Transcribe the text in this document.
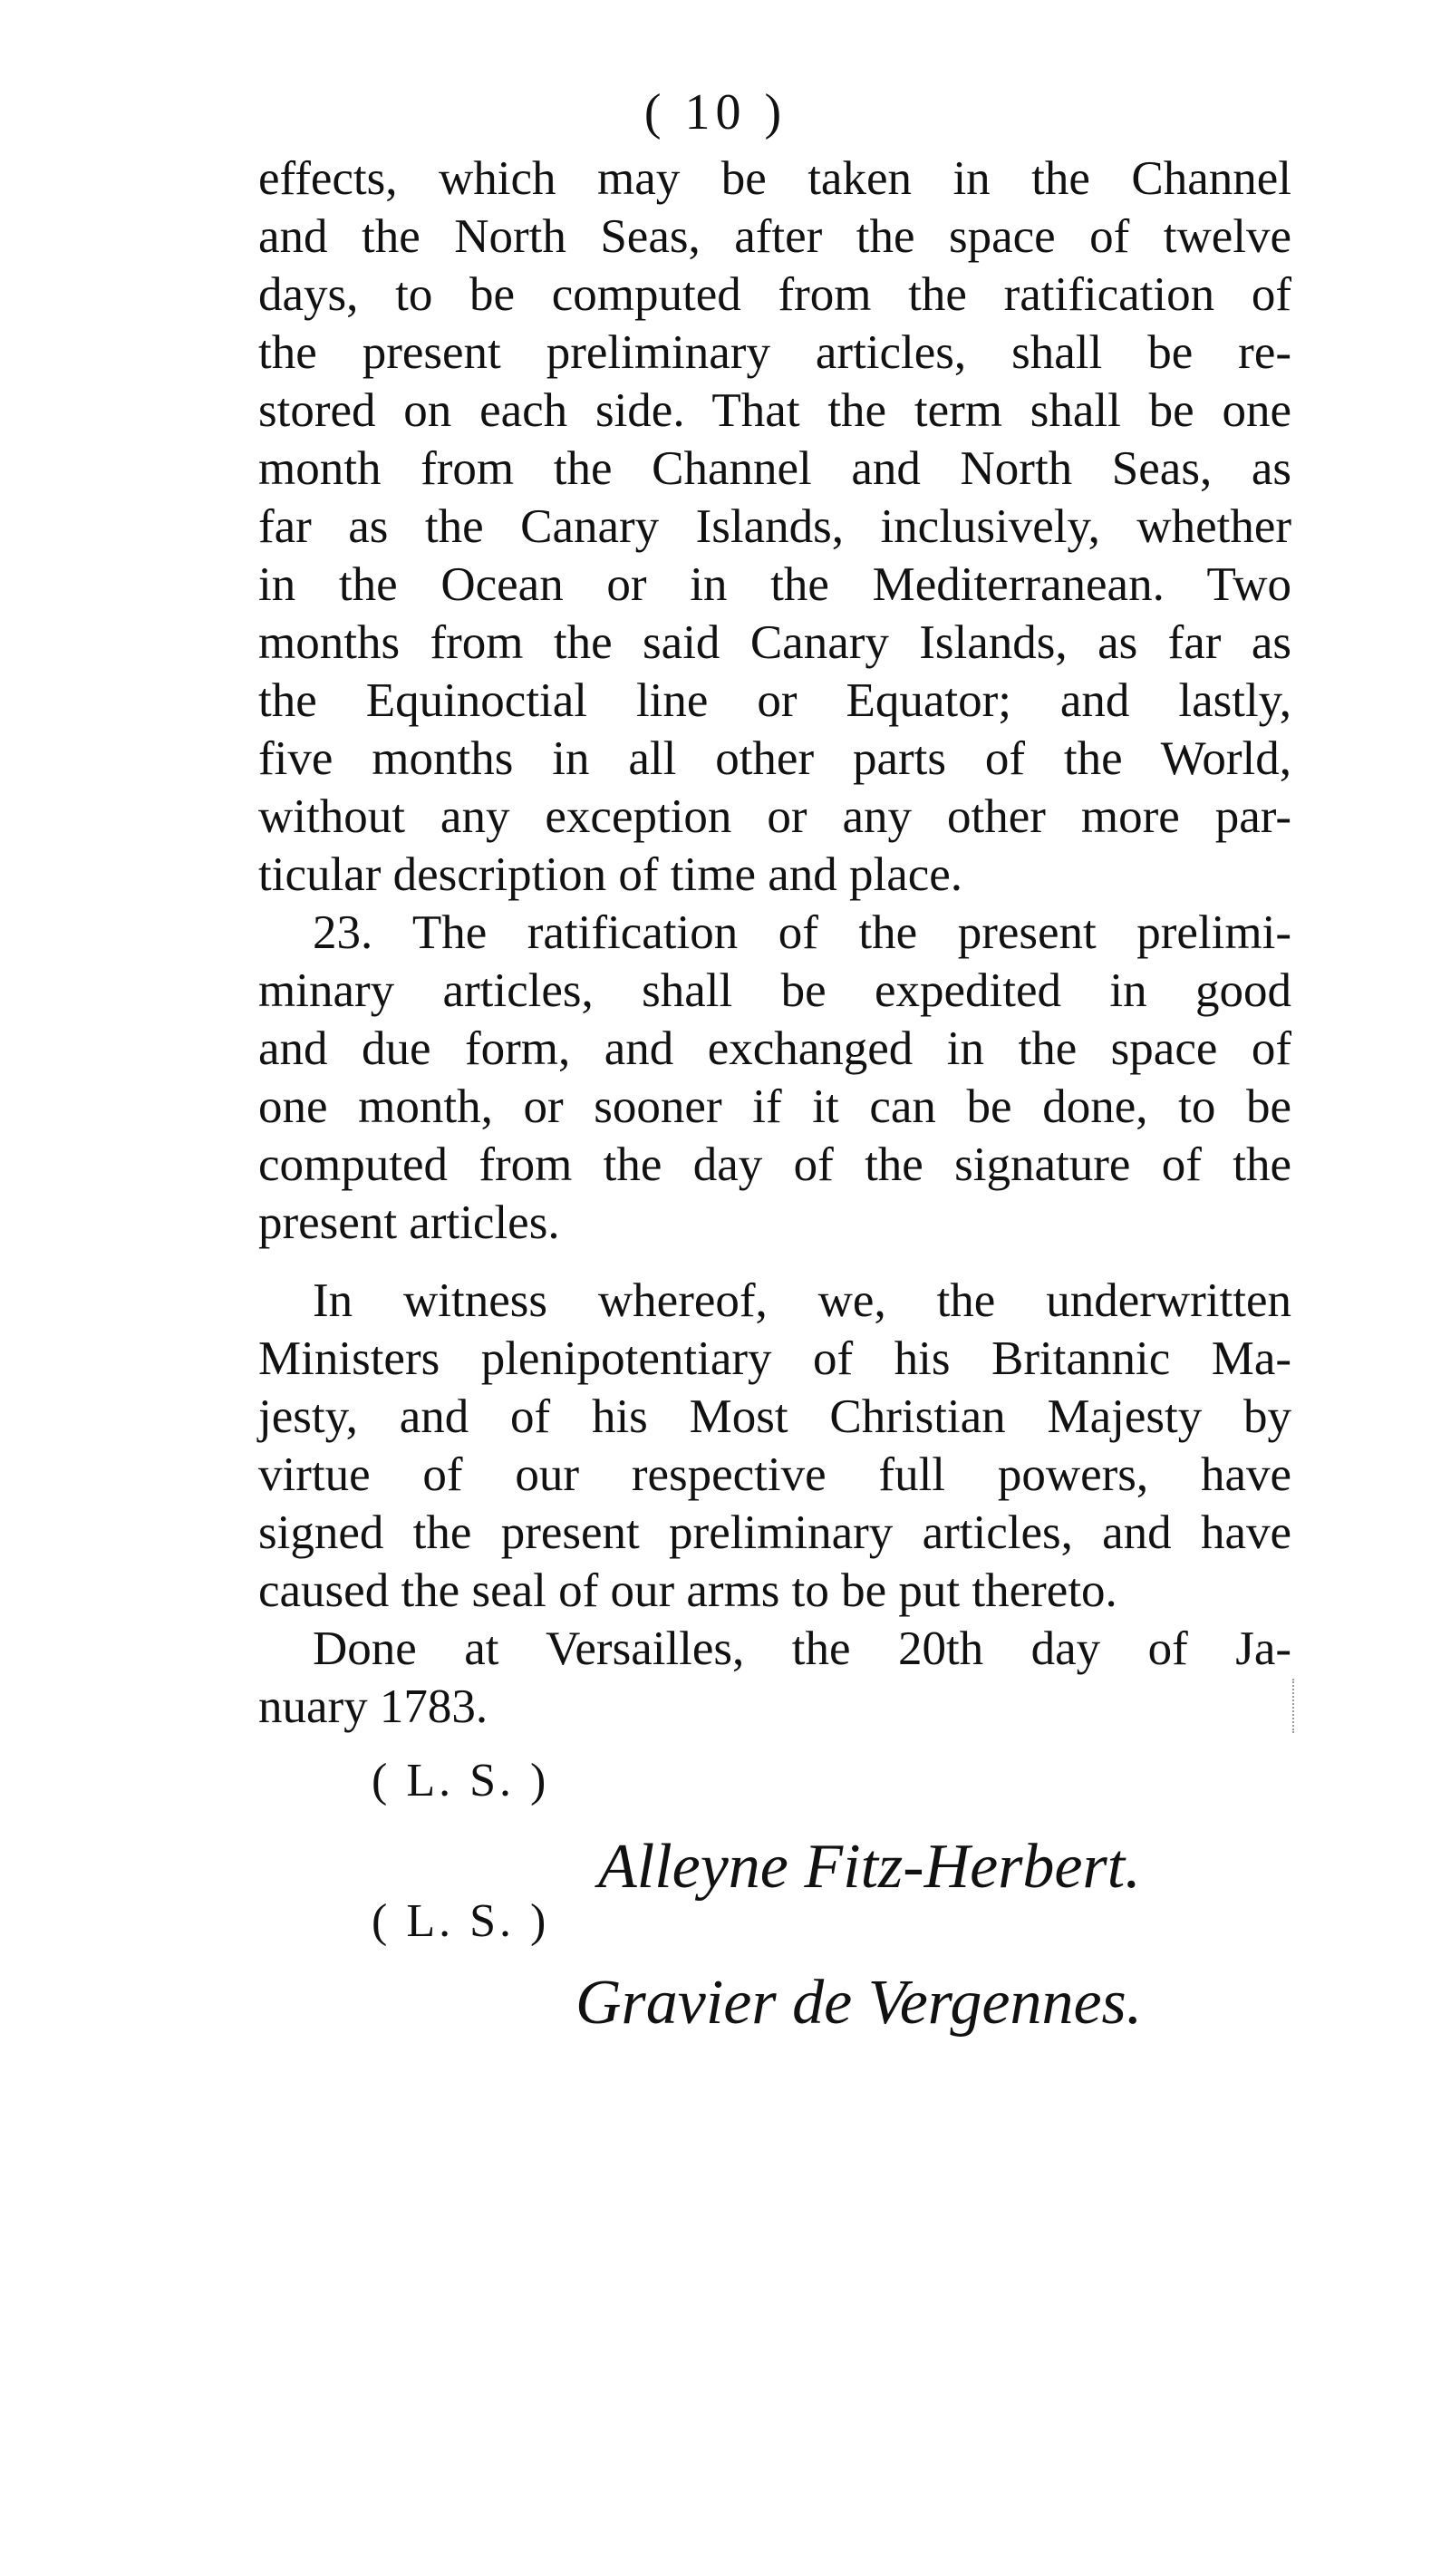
( 10 )
effects, which may be taken in the Channel
and the North Seas, after the space of twelve
days, to be computed from the ratification of
the present preliminary articles, shall be re-
stored on each side. That the term shall be one
month from the Channel and North Seas, as
far as the Canary Islands, inclusively, whether
in the Ocean or in the Mediterranean. Two
months from the said Canary Islands, as far as
the Equinoctial line or Equator; and lastly,
five months in all other parts of the World,
without any exception or any other more par-
ticular description of time and place.
23. The ratification of the present prelimi-
minary articles, shall be expedited in good
and due form, and exchanged in the space of
one month, or sooner if it can be done, to be
computed from the day of the signature of the
present articles.
In witness whereof, we, the underwritten
Ministers plenipotentiary of his Britannic Ma-
jesty, and of his Most Christian Majesty by
virtue of our respective full powers, have
signed the present preliminary articles, and have
caused the seal of our arms to be put thereto.
Done at Versailles, the 20th day of Ja-
nuary 1783.
( L. S. )
Alleyne Fitz-Herbert.
( L. S. )
Gravier de Vergennes.
